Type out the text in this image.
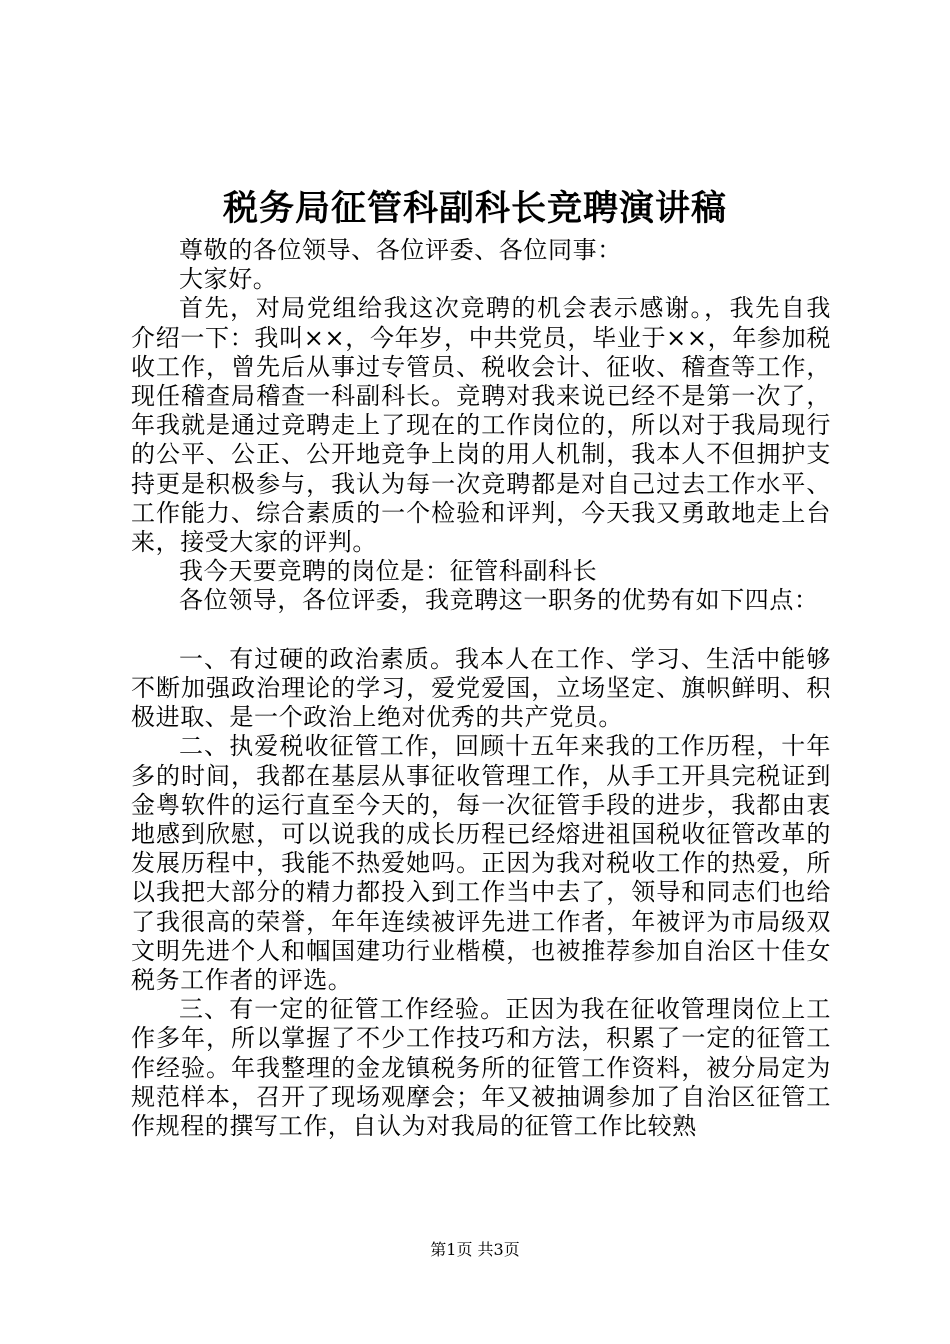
税务局征管科副科长竞聘演讲稿

尊敬的各位领导、各位评委、各位同事：

大家好。

首先，对局党组给我这次竞聘的机会表示感谢。，我先自我介绍一下：我叫××，今年岁，中共党员，毕业于××，年参加税收工作，曾先后从事过专管员、税收会计、征收、稽查等工作，现任稽查局稽查一科副科长。竞聘对我来说已经不是第一次了，年我就是通过竞聘走上了现在的工作岗位的，所以对于我局现行的公平、公正、公开地竞争上岗的用人机制，我本人不但拥护支持更是积极参与，我认为每一次竞聘都是对自己过去工作水平、工作能力、综合素质的一个检验和评判，今天我又勇敢地走上台来，接受大家的评判。

我今天要竞聘的岗位是：征管科副科长

各位领导，各位评委，我竞聘这一职务的优势有如下四点：

一、有过硬的政治素质。我本人在工作、学习、生活中能够不断加强政治理论的学习，爱党爱国，立场坚定、旗帜鲜明、积极进取、是一个政治上绝对优秀的共产党员。

二、执爱税收征管工作，回顾十五年来我的工作历程，十年多的时间，我都在基层从事征收管理工作，从手工开具完税证到金粤软件的运行直至今天的，每一次征管手段的进步，我都由衷地感到欣慰，可以说我的成长历程已经熔进祖国税收征管改革的发展历程中，我能不热爱她吗。正因为我对税收工作的热爱，所以我把大部分的精力都投入到工作当中去了，领导和同志们也给了我很高的荣誉，年年连续被评先进工作者，年被评为市局级双文明先进个人和帼国建功行业楷模，也被推荐参加自治区十佳女税务工作者的评选。

三、有一定的征管工作经验。正因为我在征收管理岗位上工作多年，所以掌握了不少工作技巧和方法，积累了一定的征管工作经验。年我整理的金龙镇税务所的征管工作资料，被分局定为规范样本，召开了现场观摩会；年又被抽调参加了自治区征管工作规程的撰写工作，自认为对我局的征管工作比较熟

第1页 共3页
